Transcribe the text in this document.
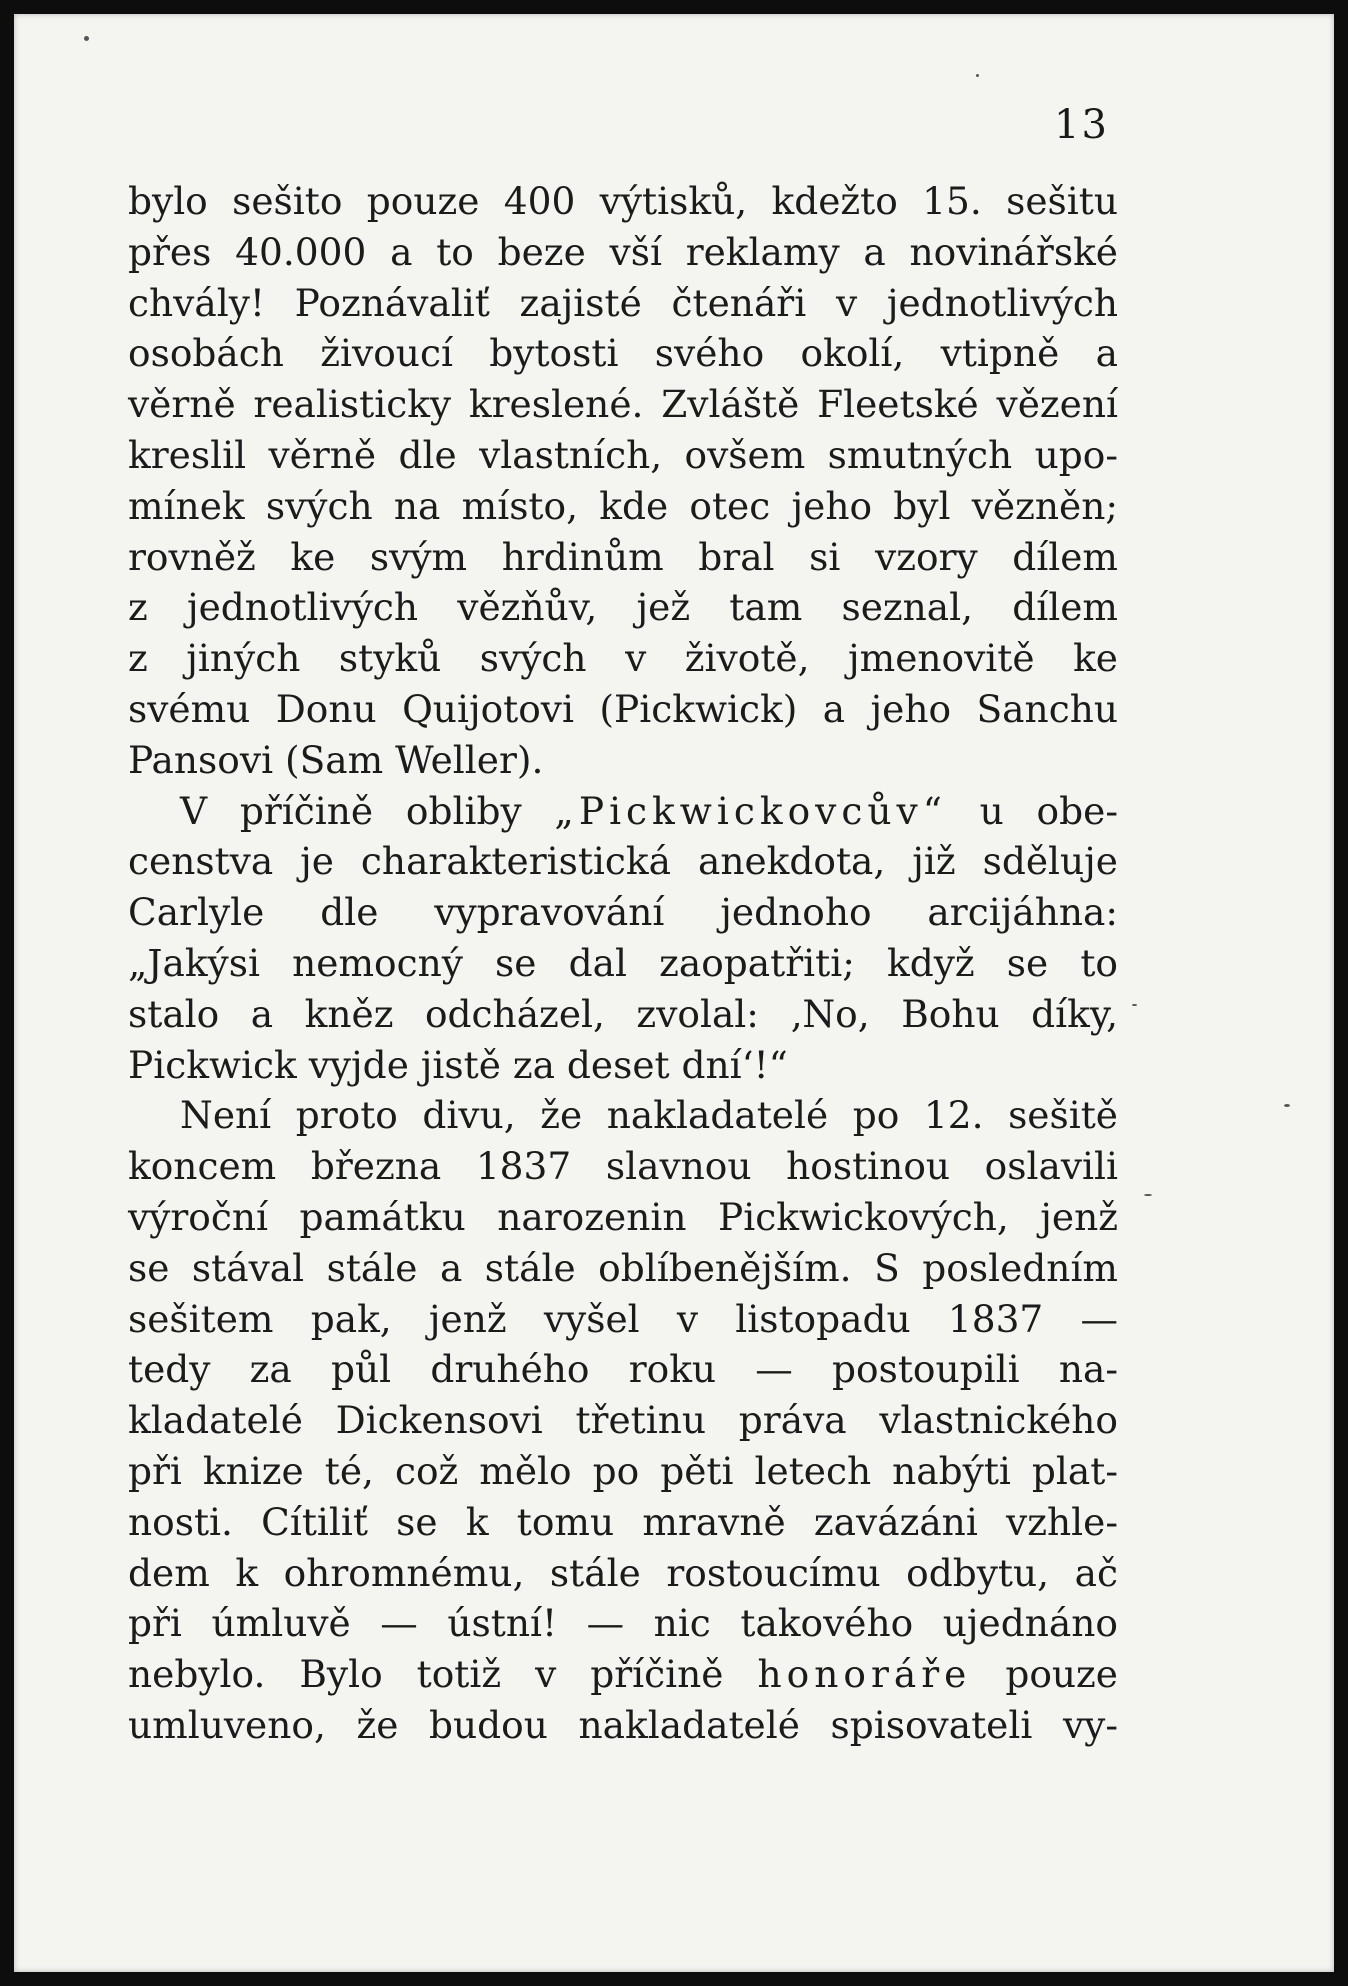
13
bylo sešito pouze 400 výtisků, kdežto 15. sešitu
přes 40.000 a to beze vší reklamy a novinářské
chvály! Poznávaliť zajisté čtenáři v jednotlivých
osobách živoucí bytosti svého okolí, vtipně a
věrně realisticky kreslené. Zvláště Fleetské vězení
kreslil věrně dle vlastních, ovšem smutných upo-
mínek svých na místo, kde otec jeho byl vězněn;
rovněž ke svým hrdinům bral si vzory dílem
z jednotlivých vězňův, jež tam seznal, dílem
z jiných styků svých v životě, jmenovitě ke
svému Donu Quijotovi (Pickwick) a jeho Sanchu
Pansovi (Sam Weller).
V příčině obliby „Pickwickovcův“ u obe-
censtva je charakteristická anekdota, již sděluje
Carlyle dle vypravování jednoho arcijáhna:
„Jakýsi nemocný se dal zaopatřiti; když se to
stalo a kněz odcházel, zvolal: ‚No, Bohu díky,
Pickwick vyjde jistě za deset dní‘!“
Není proto divu, že nakladatelé po 12. sešitě
koncem března 1837 slavnou hostinou oslavili
výroční památku narozenin Pickwickových, jenž
se stával stále a stále oblíbenějším. S posledním
sešitem pak, jenž vyšel v listopadu 1837 —
tedy za půl druhého roku — postoupili na-
kladatelé Dickensovi třetinu práva vlastnického
při knize té, což mělo po pěti letech nabýti plat-
nosti. Cítiliť se k tomu mravně zavázáni vzhle-
dem k ohromnému, stále rostoucímu odbytu, ač
při úmluvě — ústní! — nic takového ujednáno
nebylo. Bylo totiž v příčině honoráře pouze
umluveno, že budou nakladatelé spisovateli vy-
